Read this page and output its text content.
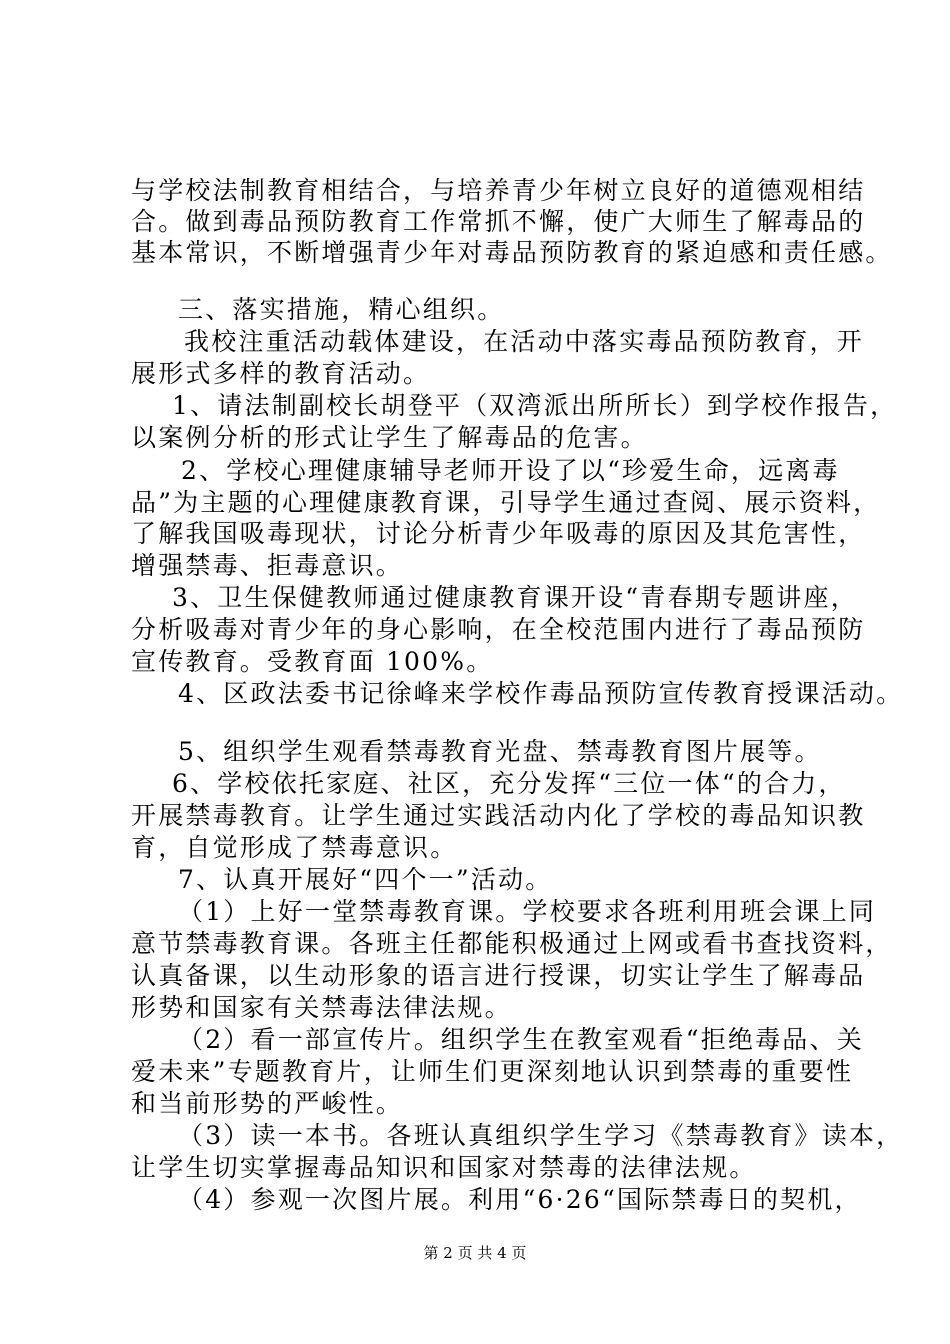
与学校法制教育相结合，与培养青少年树立良好的道德观相结
合。做到毒品预防教育工作常抓不懈，使广大师生了解毒品的
基本常识，不断增强青少年对毒品预防教育的紧迫感和责任感。
三、落实措施，精心组织。
我校注重活动载体建设，在活动中落实毒品预防教育，开
展形式多样的教育活动。
1、请法制副校长胡登平（双湾派出所所长）到学校作报告，
以案例分析的形式让学生了解毒品的危害。
2、学校心理健康辅导老师开设了以“珍爱生命，远离毒
品”为主题的心理健康教育课，引导学生通过查阅、展示资料，
了解我国吸毒现状，讨论分析青少年吸毒的原因及其危害性，
增强禁毒、拒毒意识。
3、卫生保健教师通过健康教育课开设“青春期专题讲座，
分析吸毒对青少年的身心影响，在全校范围内进行了毒品预防
宣传教育。受教育面 100%。
4、区政法委书记徐峰来学校作毒品预防宣传教育授课活动。
5、组织学生观看禁毒教育光盘、禁毒教育图片展等。
6、学校依托家庭、社区，充分发挥“三位一体“的合力，
开展禁毒教育。让学生通过实践活动内化了学校的毒品知识教
育，自觉形成了禁毒意识。
7、认真开展好“四个一”活动。
（1）上好一堂禁毒教育课。学校要求各班利用班会课上同
意节禁毒教育课。各班主任都能积极通过上网或看书查找资料，
认真备课，以生动形象的语言进行授课，切实让学生了解毒品
形势和国家有关禁毒法律法规。
（2）看一部宣传片。组织学生在教室观看“拒绝毒品、关
爱未来”专题教育片，让师生们更深刻地认识到禁毒的重要性
和当前形势的严峻性。
（3）读一本书。各班认真组织学生学习《禁毒教育》读本，
让学生切实掌握毒品知识和国家对禁毒的法律法规。
（4）参观一次图片展。利用“6·26“国际禁毒日的契机，
第 2 页 共 4 页
